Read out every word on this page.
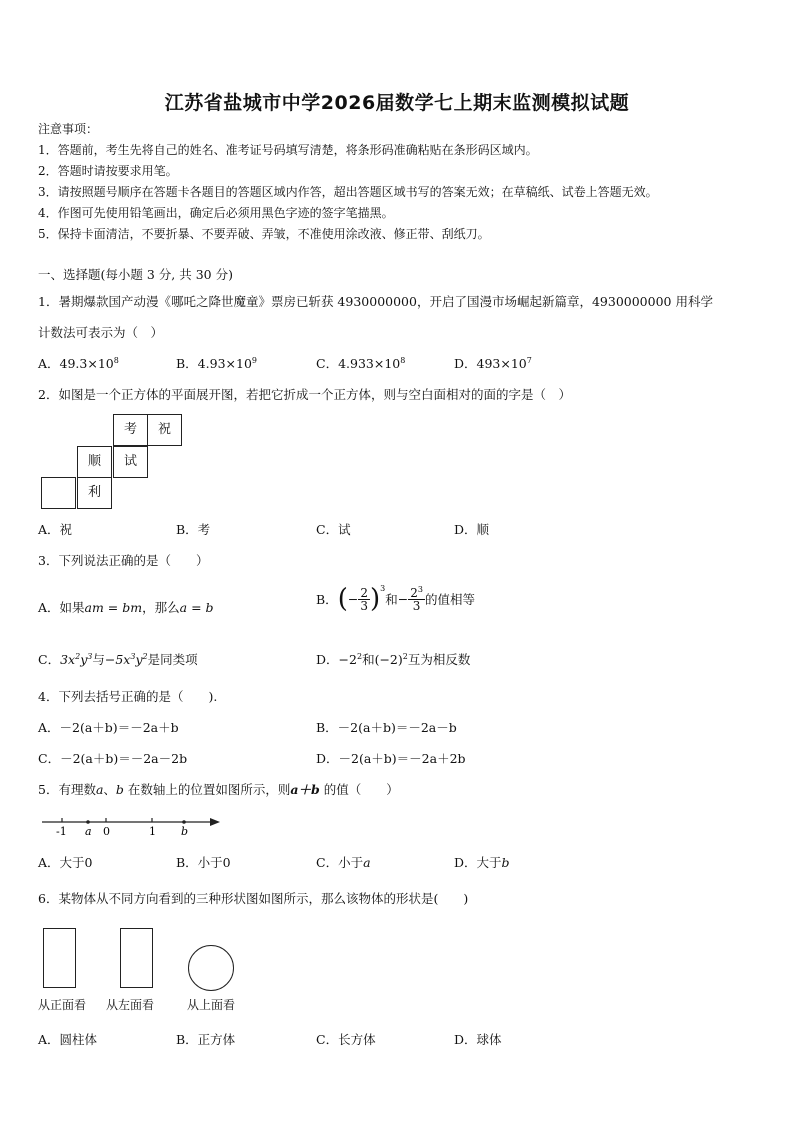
江苏省盐城市中学2026届数学七上期末监测模拟试题
注意事项：
1．答题前，考生先将自己的姓名、准考证号码填写清楚，将条形码准确粘贴在条形码区域内。
2．答题时请按要求用笔。
3．请按照题号顺序在答题卡各题目的答题区域内作答，超出答题区域书写的答案无效；在草稿纸、试卷上答题无效。
4．作图可先使用铅笔画出，确定后必须用黑色字迹的签字笔描黑。
5．保持卡面清洁，不要折暴、不要弄破、弄皱，不准使用涂改液、修正带、刮纸刀。
一、选择题(每小题 3 分, 共 30 分)
1．暑期爆款国产动漫《哪吒之降世魔童》票房已斩获 4930000000，开启了国漫市场崛起新篇章，4930000000 用科学
计数法可表示为（　）
A．$49.3\times 10^8$	B．$4.93\times 10^9$	C．$4.933\times 10^8$	D．$493\times 10^7$
2．如图是一个正方体的平面展开图，若把它折成一个正方体，则与空白面相对的面的字是（　）
考	祝
顺	试
利
A．祝	B．考	C．试	D．顺
3．下列说法正确的是（　　）
A．如果am = bm，那么a = b
B．(− $\frac{2}{3} )^3$和− $\frac{2^3}{3}$ 的值相等
C．$3x^2y^3$与$-5x^3y^2$是同类项	D．$-2^2$和$(-2)^2$互为相反数
4．下列去括号正确的是（　　).
A．－2(a＋b)＝－2a＋b	B．－2(a＋b)＝－2a－b
C．－2(a＋b)＝－2a－2b	D．－2(a＋b)＝－2a＋2b
5．有理数a、b 在数轴上的位置如图所示，则a＋b 的值（　　）
-1 a 0	1 b
A．大于0	B．小于0	C．小于a	D．大于b
6．某物体从不同方向看到的三种形状图如图所示，那么该物体的形状是(　　)
从正面看 从左面看	从上面看
A．圆柱体	B．正方体	C．长方体	D．球体
